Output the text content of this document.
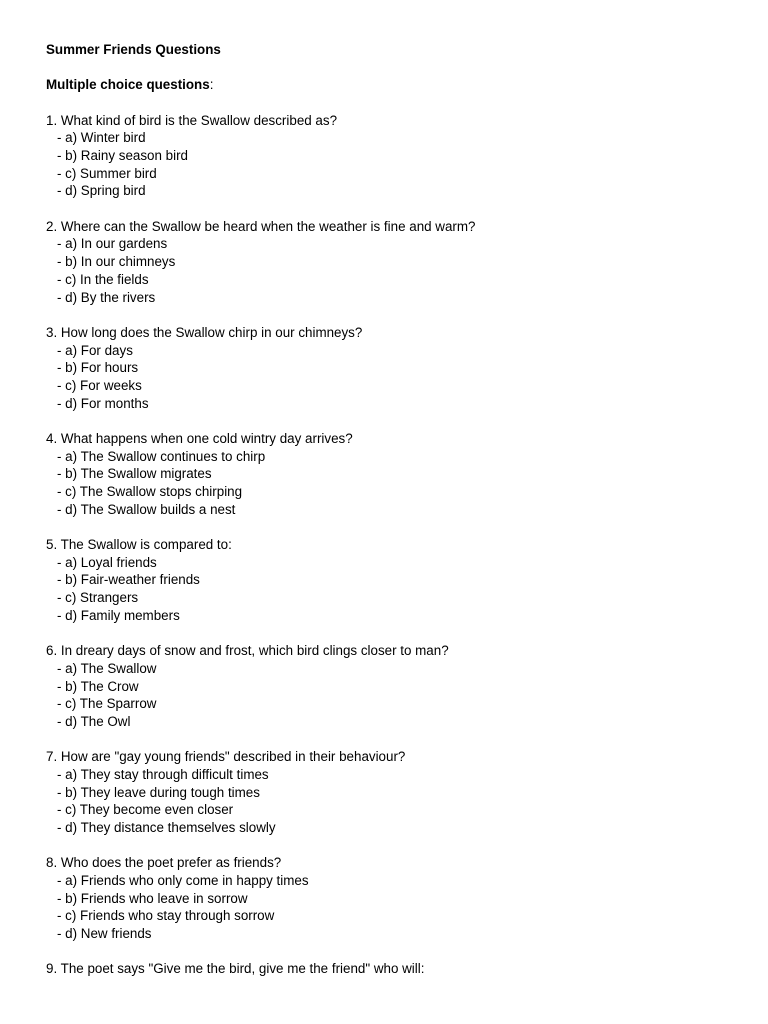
Summer Friends Questions
Multiple choice questions:
1. What kind of bird is the Swallow described as?
- a) Winter bird
- b) Rainy season bird
- c) Summer bird
- d) Spring bird
2. Where can the Swallow be heard when the weather is fine and warm?
- a) In our gardens
- b) In our chimneys
- c) In the fields
- d) By the rivers
3. How long does the Swallow chirp in our chimneys?
- a) For days
- b) For hours
- c) For weeks
- d) For months
4. What happens when one cold wintry day arrives?
- a) The Swallow continues to chirp
- b) The Swallow migrates
- c) The Swallow stops chirping
- d) The Swallow builds a nest
5. The Swallow is compared to:
- a) Loyal friends
- b) Fair-weather friends
- c) Strangers
- d) Family members
6. In dreary days of snow and frost, which bird clings closer to man?
- a) The Swallow
- b) The Crow
- c) The Sparrow
- d) The Owl
7. How are "gay young friends" described in their behaviour?
- a) They stay through difficult times
- b) They leave during tough times
- c) They become even closer
- d) They distance themselves slowly
8. Who does the poet prefer as friends?
- a) Friends who only come in happy times
- b) Friends who leave in sorrow
- c) Friends who stay through sorrow
- d) New friends
9. The poet says "Give me the bird, give me the friend" who will:
